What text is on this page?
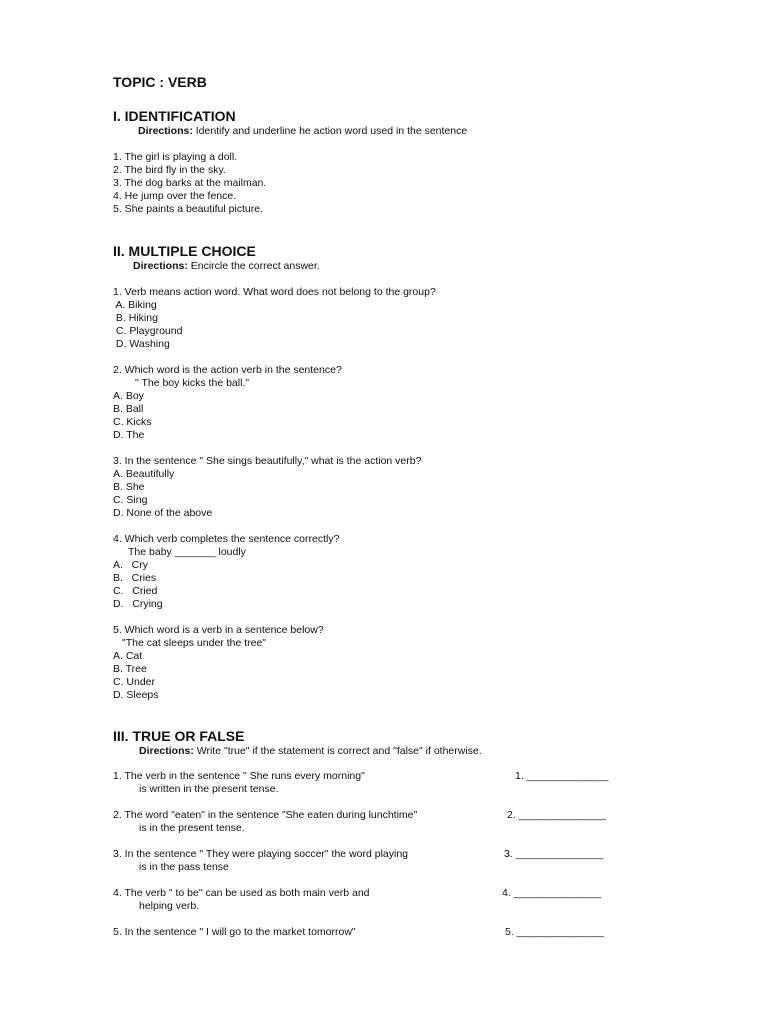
TOPIC : VERB
I. IDENTIFICATION
Directions: Identify and underline he action word used in the sentence
1. The girl is playing a doll.
2. The bird fly in the sky.
3. The dog barks at the mailman.
4. He jump over the fence.
5. She paints a beautiful picture.
II. MULTIPLE CHOICE
Directions: Encircle the correct answer.
1. Verb means action word. What word does not belong to the group?
A. Biking
B. Hiking
C. Playground
D. Washing
2. Which word is the action verb in the sentence?
" The boy kicks the ball."
A. Boy
B. Ball
C. Kicks
D. The
3. In the sentence " She sings beautifully," what is the action verb?
A. Beautifully
B. She
C. Sing
D. None of the above
4. Which verb completes the sentence correctly?
The baby _______ loudly
A.   Cry
B.   Cries
C.   Cried
D.   Crying
5. Which word is a verb in a sentence below?
"The cat sleeps under the tree"
A. Cat
B. Tree
C. Under
D. Sleeps
III. TRUE OR FALSE
Directions: Write "true" if the statement is correct and "false" if otherwise.
1. The verb in the sentence " She runs every morning"
is written in the present tense.
1. ______________
2. The word "eaten" in the sentence "She eaten during lunchtime"
is in the present tense.
2. _______________
3. In the sentence " They were playing soccer" the word playing
is in the pass tense
3. _______________
4. The verb " to be" can be used as both main verb and
helping verb.
4. _______________
5. In the sentence " I will go to the market tomorrow"	5. _______________
